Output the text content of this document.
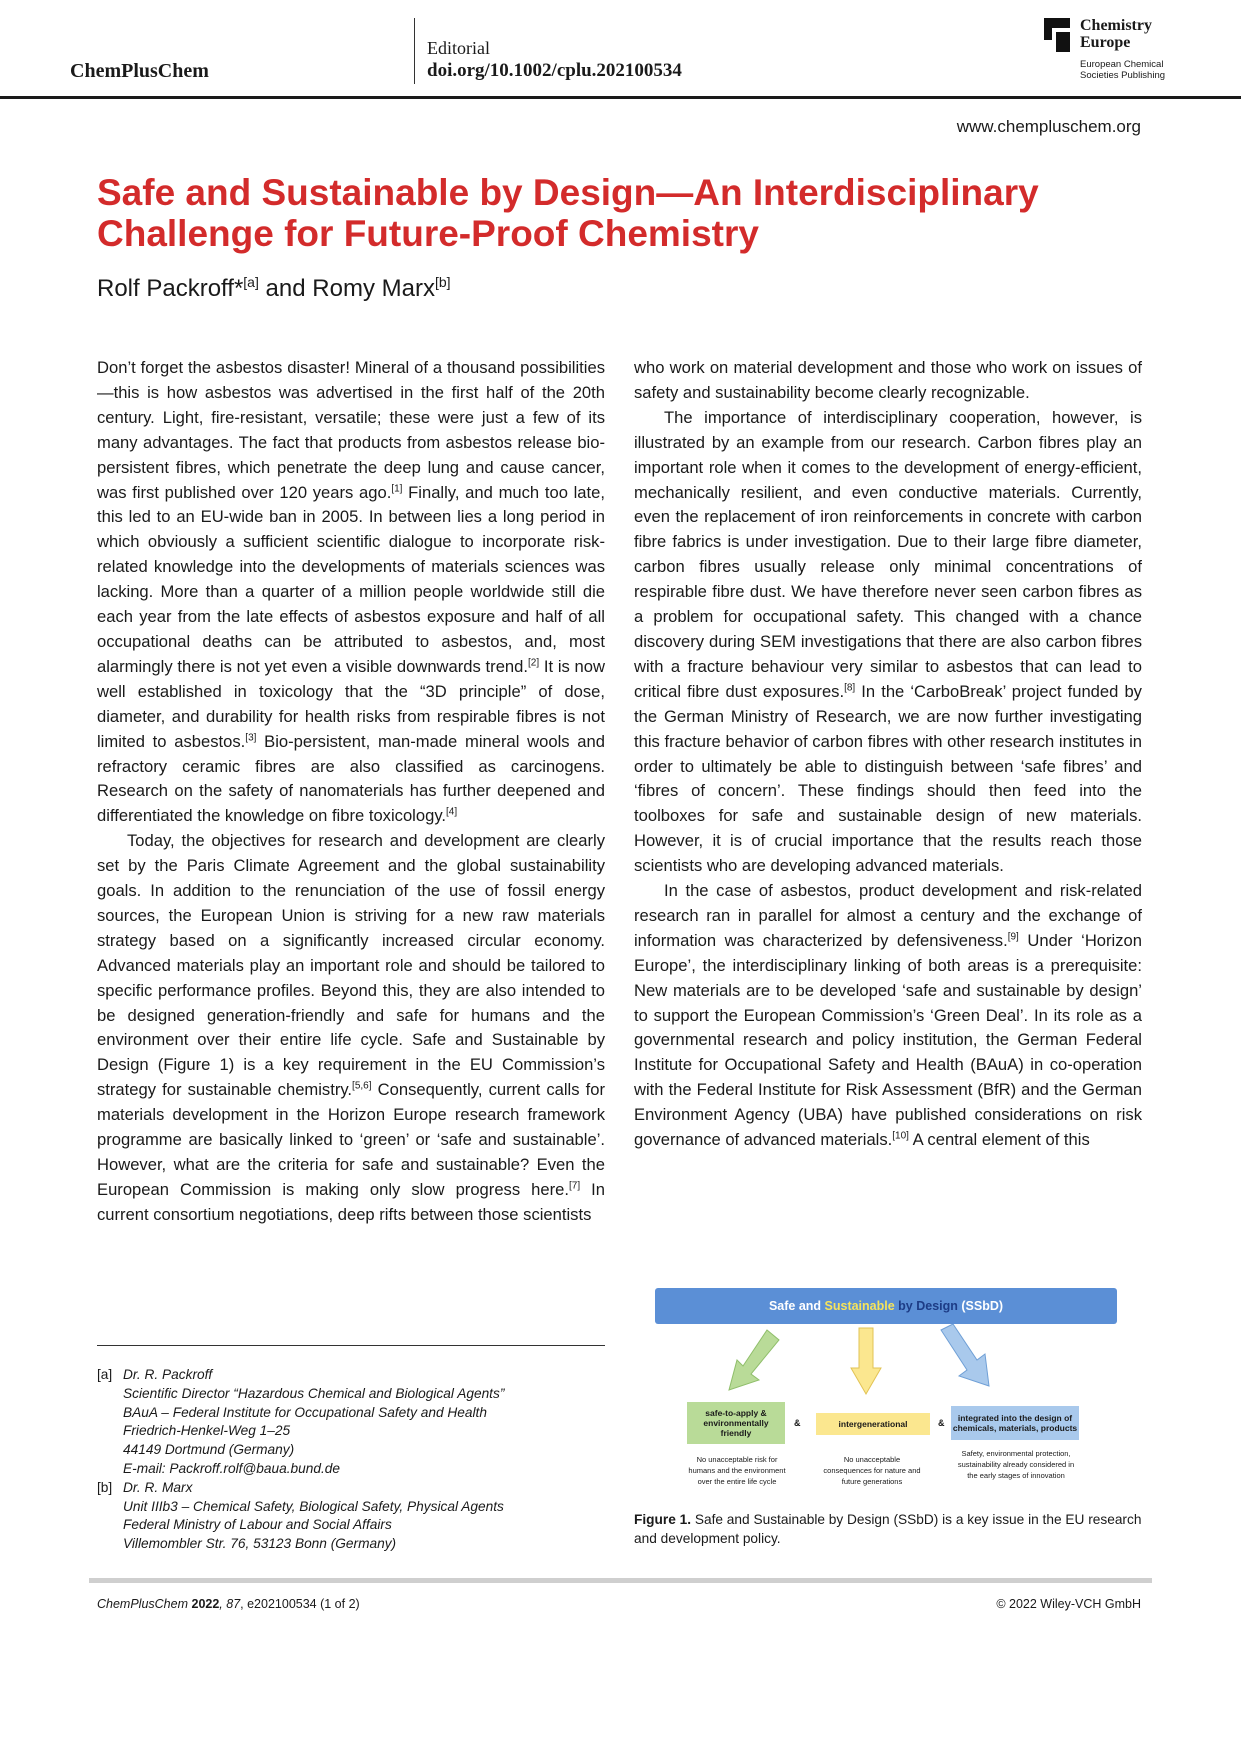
ChemPlusChem
Editorial
doi.org/10.1002/cplu.202100534
Chemistry
Europe
European Chemical
Societies Publishing
www.chempluschem.org
Safe and Sustainable by Design—An Interdisciplinary Challenge for Future-Proof Chemistry
Rolf Packroff*[a] and Romy Marx[b]

Don’t forget the asbestos disaster! Mineral of a thousand possibilities—this is how asbestos was advertised in the first half of the 20th century. Light, fire-resistant, versatile; these were just a few of its many advantages. The fact that products from asbestos release bio-persistent fibres, which penetrate the deep lung and cause cancer, was first published over 120 years ago.[1] Finally, and much too late, this led to an EU-wide ban in 2005. In between lies a long period in which obviously a sufficient scientific dialogue to incorporate risk-related knowledge into the developments of materials sciences was lacking. More than a quarter of a million people worldwide still die each year from the late effects of asbestos exposure and half of all occupational deaths can be attributed to asbestos, and, most alarmingly there is not yet even a visible downwards trend.[2] It is now well established in toxicology that the “3D principle” of dose, diameter, and durability for health risks from respirable fibres is not limited to asbestos.[3] Bio-persistent, man-made mineral wools and refractory ceramic fibres are also classified as carcinogens. Research on the safety of nanomaterials has further deepened and differentiated the knowledge on fibre toxicology.[4]

Today, the objectives for research and development are clearly set by the Paris Climate Agreement and the global sustainability goals. In addition to the renunciation of the use of fossil energy sources, the European Union is striving for a new raw materials strategy based on a significantly increased circular economy. Advanced materials play an important role and should be tailored to specific performance profiles. Beyond this, they are also intended to be designed generation-friendly and safe for humans and the environment over their entire life cycle. Safe and Sustainable by Design (Figure 1) is a key requirement in the EU Commission’s strategy for sustainable chemistry.[5,6] Consequently, current calls for materials development in the Horizon Europe research framework programme are basically linked to ‘green’ or ‘safe and sustainable’. However, what are the criteria for safe and sustainable? Even the European Commission is making only slow progress here.[7] In current consortium negotiations, deep rifts between those scientists

who work on material development and those who work on issues of safety and sustainability become clearly recognizable.

The importance of interdisciplinary cooperation, however, is illustrated by an example from our research. Carbon fibres play an important role when it comes to the development of energy-efficient, mechanically resilient, and even conductive materials. Currently, even the replacement of iron reinforcements in concrete with carbon fibre fabrics is under investigation. Due to their large fibre diameter, carbon fibres usually release only minimal concentrations of respirable fibre dust. We have therefore never seen carbon fibres as a problem for occupational safety. This changed with a chance discovery during SEM investigations that there are also carbon fibres with a fracture behaviour very similar to asbestos that can lead to critical fibre dust exposures.[8] In the ‘CarboBreak’ project funded by the German Ministry of Research, we are now further investigating this fracture behavior of carbon fibres with other research institutes in order to ultimately be able to distinguish between ‘safe fibres’ and ‘fibres of concern’. These findings should then feed into the toolboxes for safe and sustainable design of new materials. However, it is of crucial importance that the results reach those scientists who are developing advanced materials.

In the case of asbestos, product development and risk-related research ran in parallel for almost a century and the exchange of information was characterized by defensiveness.[9] Under ‘Horizon Europe’, the interdisciplinary linking of both areas is a prerequisite: New materials are to be developed ‘safe and sustainable by design’ to support the European Commission’s ‘Green Deal’. In its role as a governmental research and policy institution, the German Federal Institute for Occupational Safety and Health (BAuA) in co-operation with the Federal Institute for Risk Assessment (BfR) and the German Environment Agency (UBA) have published considerations on risk governance of advanced materials.[10] A central element of this

[a] Dr. R. Packroff
Scientific Director “Hazardous Chemical and Biological Agents”
BAuA – Federal Institute for Occupational Safety and Health
Friedrich-Henkel-Weg 1–25
44149 Dortmund (Germany)
E-mail: Packroff.rolf@baua.bund.de
[b] Dr. R. Marx
Unit IIIb3 – Chemical Safety, Biological Safety, Physical Agents
Federal Ministry of Labour and Social Affairs
Villemombler Str. 76, 53123 Bonn (Germany)
Safe and Sustainable by Design (SSbD)
safe-to-apply & environmentally friendly
&	intergenerational	&	integrated into the design of chemicals, materials, products
No unacceptable risk for humans and the environment over the entire life cycle
No unacceptable consequences for nature and future generations
Safety, environmental protection, sustainability already considered in the early stages of innovation
Figure 1. Safe and Sustainable by Design (SSbD) is a key issue in the EU research and development policy.
ChemPlusChem 2022, 87, e202100534 (1 of 2)	© 2022 Wiley-VCH GmbH
